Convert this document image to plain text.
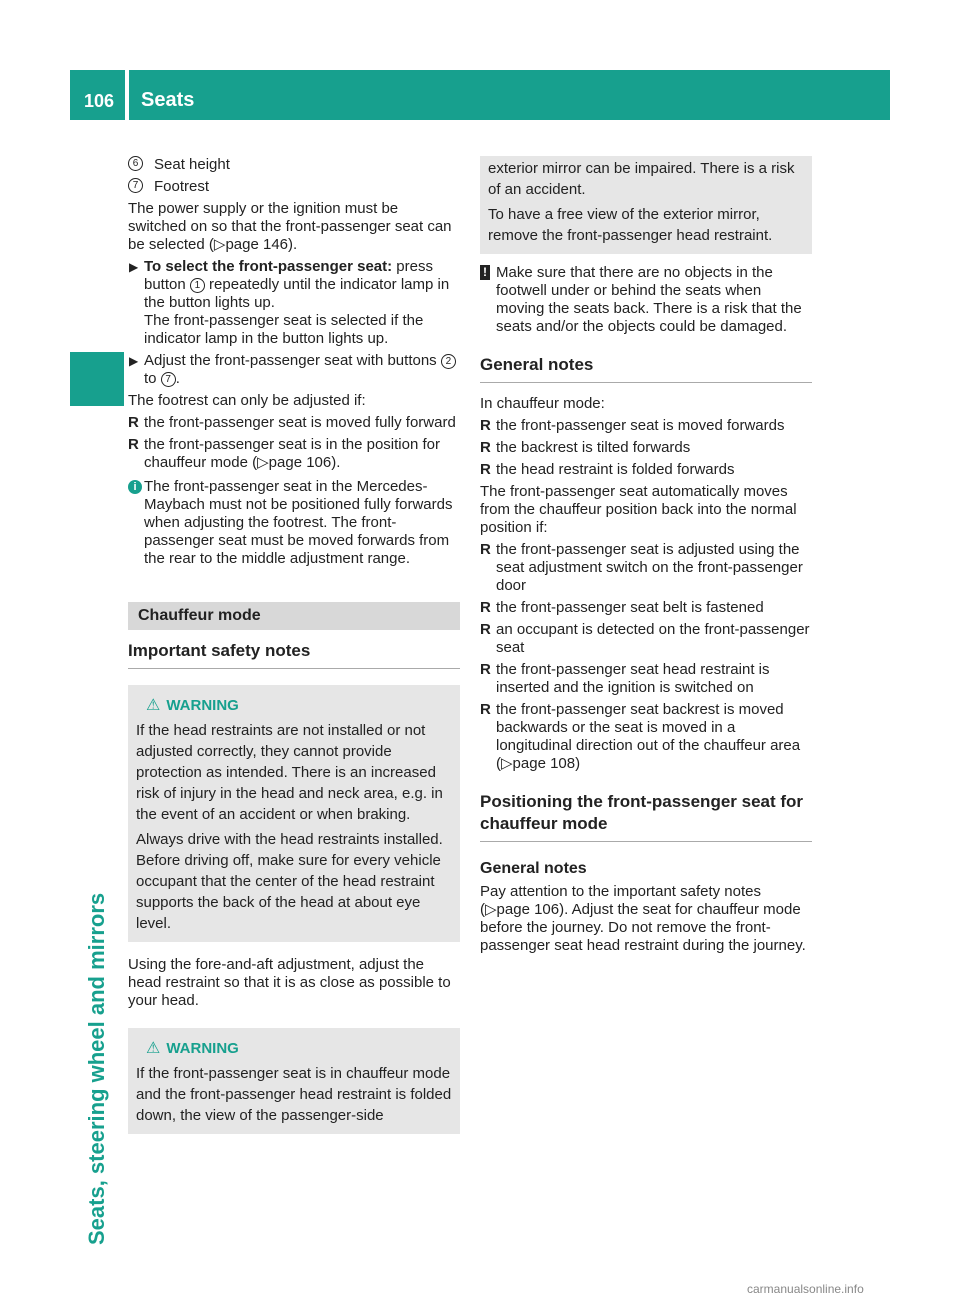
106 Seats
Seats, steering wheel and mirrors
6	Seat height
7	Footrest

The power supply or the ignition must be switched on so that the front-passenger seat can be selected (▷page 146).

▶ To select the front-passenger seat: press button 1 repeatedly until the indicator lamp in the button lights up.
The front-passenger seat is selected if the indicator lamp in the button lights up.
▶ Adjust the front-passenger seat with buttons 2 to 7 .

The footrest can only be adjusted if:

R the front-passenger seat is moved fully forward
R the front-passenger seat is in the position for chauffeur mode (▷page 106).
i The front-passenger seat in the Mercedes-Maybach must not be positioned fully forwards when adjusting the footrest. The front-passenger seat must be moved forwards from the rear to the middle adjustment range.
Chauffeur mode
Important safety notes

⚠ WARNING

If the head restraints are not installed or not adjusted correctly, they cannot provide protection as intended. There is an increased risk of injury in the head and neck area, e.g. in the event of an accident or when braking.

Always drive with the head restraints installed. Before driving off, make sure for every vehicle occupant that the center of the head restraint supports the back of the head at about eye level.

Using the fore-and-aft adjustment, adjust the head restraint so that it is as close as possible to your head.

⚠ WARNING

If the front-passenger seat is in chauffeur mode and the front-passenger head restraint is folded down, the view of the passenger-side

exterior mirror can be impaired. There is a risk of an accident.

To have a free view of the exterior mirror, remove the front-passenger head restraint.

! Make sure that there are no objects in the footwell under or behind the seats when moving the seats back. There is a risk that the seats and/or the objects could be damaged.
General notes

In chauffeur mode:

R the front-passenger seat is moved forwards
R the backrest is tilted forwards
R the head restraint is folded forwards

The front-passenger seat automatically moves from the chauffeur position back into the normal position if:

R the front-passenger seat is adjusted using the seat adjustment switch on the front-passenger door
R the front-passenger seat belt is fastened
R an occupant is detected on the front-passenger seat
R the front-passenger seat head restraint is inserted and the ignition is switched on
R the front-passenger seat backrest is moved backwards or the seat is moved in a longitudinal direction out of the chauffeur area (▷page 108)
Positioning the front-passenger seat for chauffeur mode
General notes

Pay attention to the important safety notes (▷page 106). Adjust the seat for chauffeur mode before the journey. Do not remove the front-passenger seat head restraint during the journey.

carmanualsonline.info
